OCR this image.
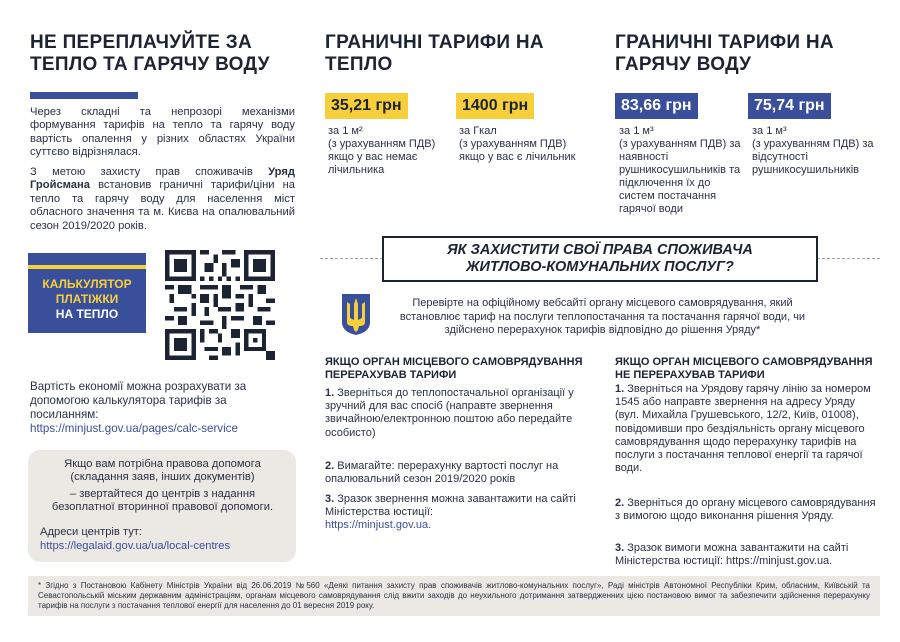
НЕ ПЕРЕПЛАЧУЙТЕ ЗА ТЕПЛО ТА ГАРЯЧУ ВОДУ
Через складні та непрозорі механізми формування тарифів на тепло та гарячу воду вартість опалення у різних областях України суттєво відрізнялася.
З метою захисту прав споживачів Уряд Гройсмана встановив граничні тарифи/ціни на тепло та гарячу воду для населення міст обласного значення та м. Києва на опалювальний сезон 2019/2020 років.
КАЛЬКУЛЯТОР
ПЛАТІЖКИ
НА ТЕПЛО
Вартість економії можна розрахувати за допомогою калькулятора тарифів за посиланням:
https://minjust.gov.ua/pages/calc-service
Якщо вам потрібна правова допомога (складання заяв, інших документів)
– звертайтеся до центрів з надання безоплатної вторинної правової допомоги.
Адреси центрів тут:
https://legalaid.gov.ua/ua/local-centres
ГРАНИЧНІ ТАРИФИ НА ТЕПЛО
35,21 грн
за 1 м²
(з урахуванням ПДВ) якщо у вас немає лічильника
1400 грн
за Гкал
(з урахуванням ПДВ) якщо у вас є лічильник
ГРАНИЧНІ ТАРИФИ НА ГАРЯЧУ ВОДУ
83,66 грн
за 1 м³
(з урахуванням ПДВ) за наявності рушникосушильників та підключення їх до систем постачання гарячої води
75,74 грн
за 1 м³
(з урахуванням ПДВ) за відсутності рушникосушильників
ЯК ЗАХИСТИТИ СВОЇ ПРАВА СПОЖИВАЧА
ЖИТЛОВО-КОМУНАЛЬНИХ ПОСЛУГ?
Перевірте на офіційному вебсайті органу місцевого самоврядування, який встановлює тариф на послуги теплопостачання та постачання гарячої води, чи здійснено перерахунок тарифів відповідно до рішення Уряду*
ЯКЩО ОРГАН МІСЦЕВОГО САМОВРЯДУВАННЯ ПЕРЕРАХУВАВ ТАРИФИ
1. Зверніться до теплопостачальної організації у зручний для вас спосіб (направте звернення звичайною/електронною поштою або передайте особисто)
2. Вимагайте: перерахунку вартості послуг на опалювальний сезон 2019/2020 років
3. Зразок звернення можна завантажити на сайті Міністерства юстиції:
https://minjust.gov.ua.
ЯКЩО ОРГАН МІСЦЕВОГО САМОВРЯДУВАННЯ НЕ ПЕРЕРАХУВАВ ТАРИФИ
1. Зверніться на Урядову гарячу лінію за номером 1545 або направте звернення на адресу Уряду (вул. Михайла Грушевського, 12/2, Київ, 01008), повідомивши про бездіяльність органу місцевого самоврядування щодо перерахунку тарифів на послуги з постачання теплової енергії та гарячої води.
2. Зверніться до органу місцевого самоврядування з вимогою щодо виконання рішення Уряду.
3. Зразок вимоги можна завантажити на сайті Міністерства юстиції: https://minjust.gov.ua.
* Згідно з Постановою Кабінету Міністрів України від 26.06.2019 №560 «Деякі питання захисту прав споживачів житлово-комунальних послуг», Раді міністрів Автономної Республіки Крим, обласним, Київській та Севастопольській міським державним адміністраціям, органам місцевого самоврядування слід вжити заходів до неухильного дотримання затвердженних цією постановою вимог та забезпечити здійснення перерахунку тарифів на послуги з постачання теплової енергії для населення до 01 вересня 2019 року.
